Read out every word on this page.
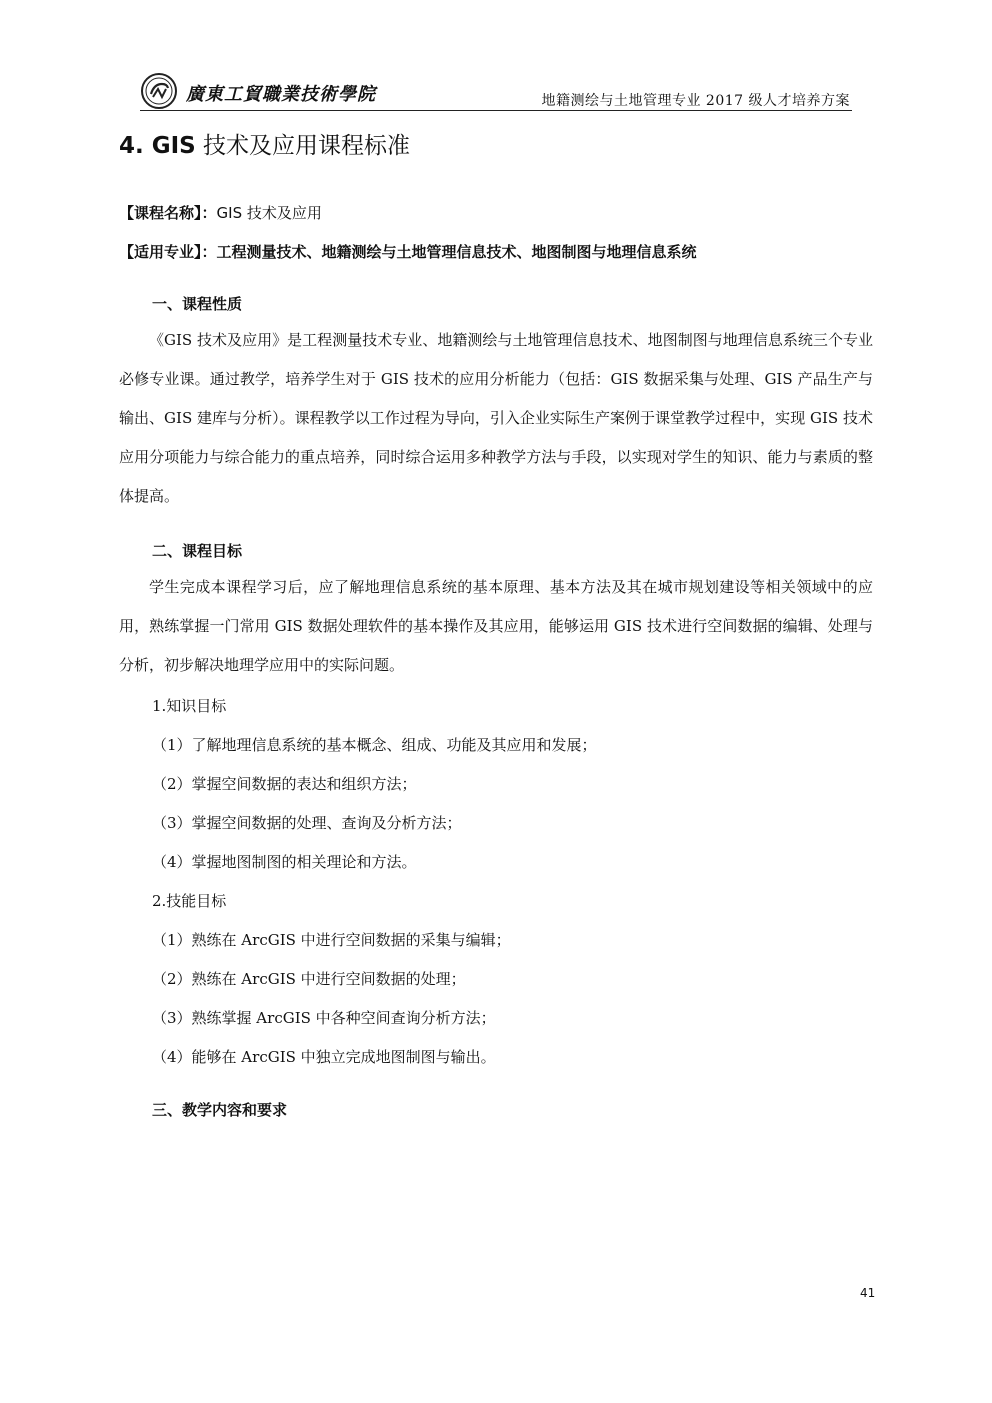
廣東工貿職業技術學院	地籍测绘与土地管理专业 2017 级人才培养方案
4. GIS 技术及应用课程标准
【课程名称】：GIS 技术及应用
【适用专业】：工程测量技术、地籍测绘与土地管理信息技术、地图制图与地理信息系统
一、课程性质

《GIS 技术及应用》是工程测量技术专业、地籍测绘与土地管理信息技术、地图制图与地理信息系统三个专业必修专业课。通过教学，培养学生对于 GIS 技术的应用分析能力（包括：GIS 数据采集与处理、GIS 产品生产与输出、GIS 建库与分析）。课程教学以工作过程为导向，引入企业实际生产案例于课堂教学过程中，实现 GIS 技术应用分项能力与综合能力的重点培养，同时综合运用多种教学方法与手段，以实现对学生的知识、能力与素质的整体提高。

二、课程目标

学生完成本课程学习后，应了解地理信息系统的基本原理、基本方法及其在城市规划建设等相关领域中的应用，熟练掌握一门常用 GIS 数据处理软件的基本操作及其应用，能够运用 GIS 技术进行空间数据的编辑、处理与分析，初步解决地理学应用中的实际问题。

1.知识目标
（1）了解地理信息系统的基本概念、组成、功能及其应用和发展；
（2）掌握空间数据的表达和组织方法；
（3）掌握空间数据的处理、查询及分析方法；
（4）掌握地图制图的相关理论和方法。
2.技能目标
（1）熟练在 ArcGIS 中进行空间数据的采集与编辑；
（2）熟练在 ArcGIS 中进行空间数据的处理；
（3）熟练掌握 ArcGIS 中各种空间查询分析方法；
（4）能够在 ArcGIS 中独立完成地图制图与输出。
三、教学内容和要求
41
